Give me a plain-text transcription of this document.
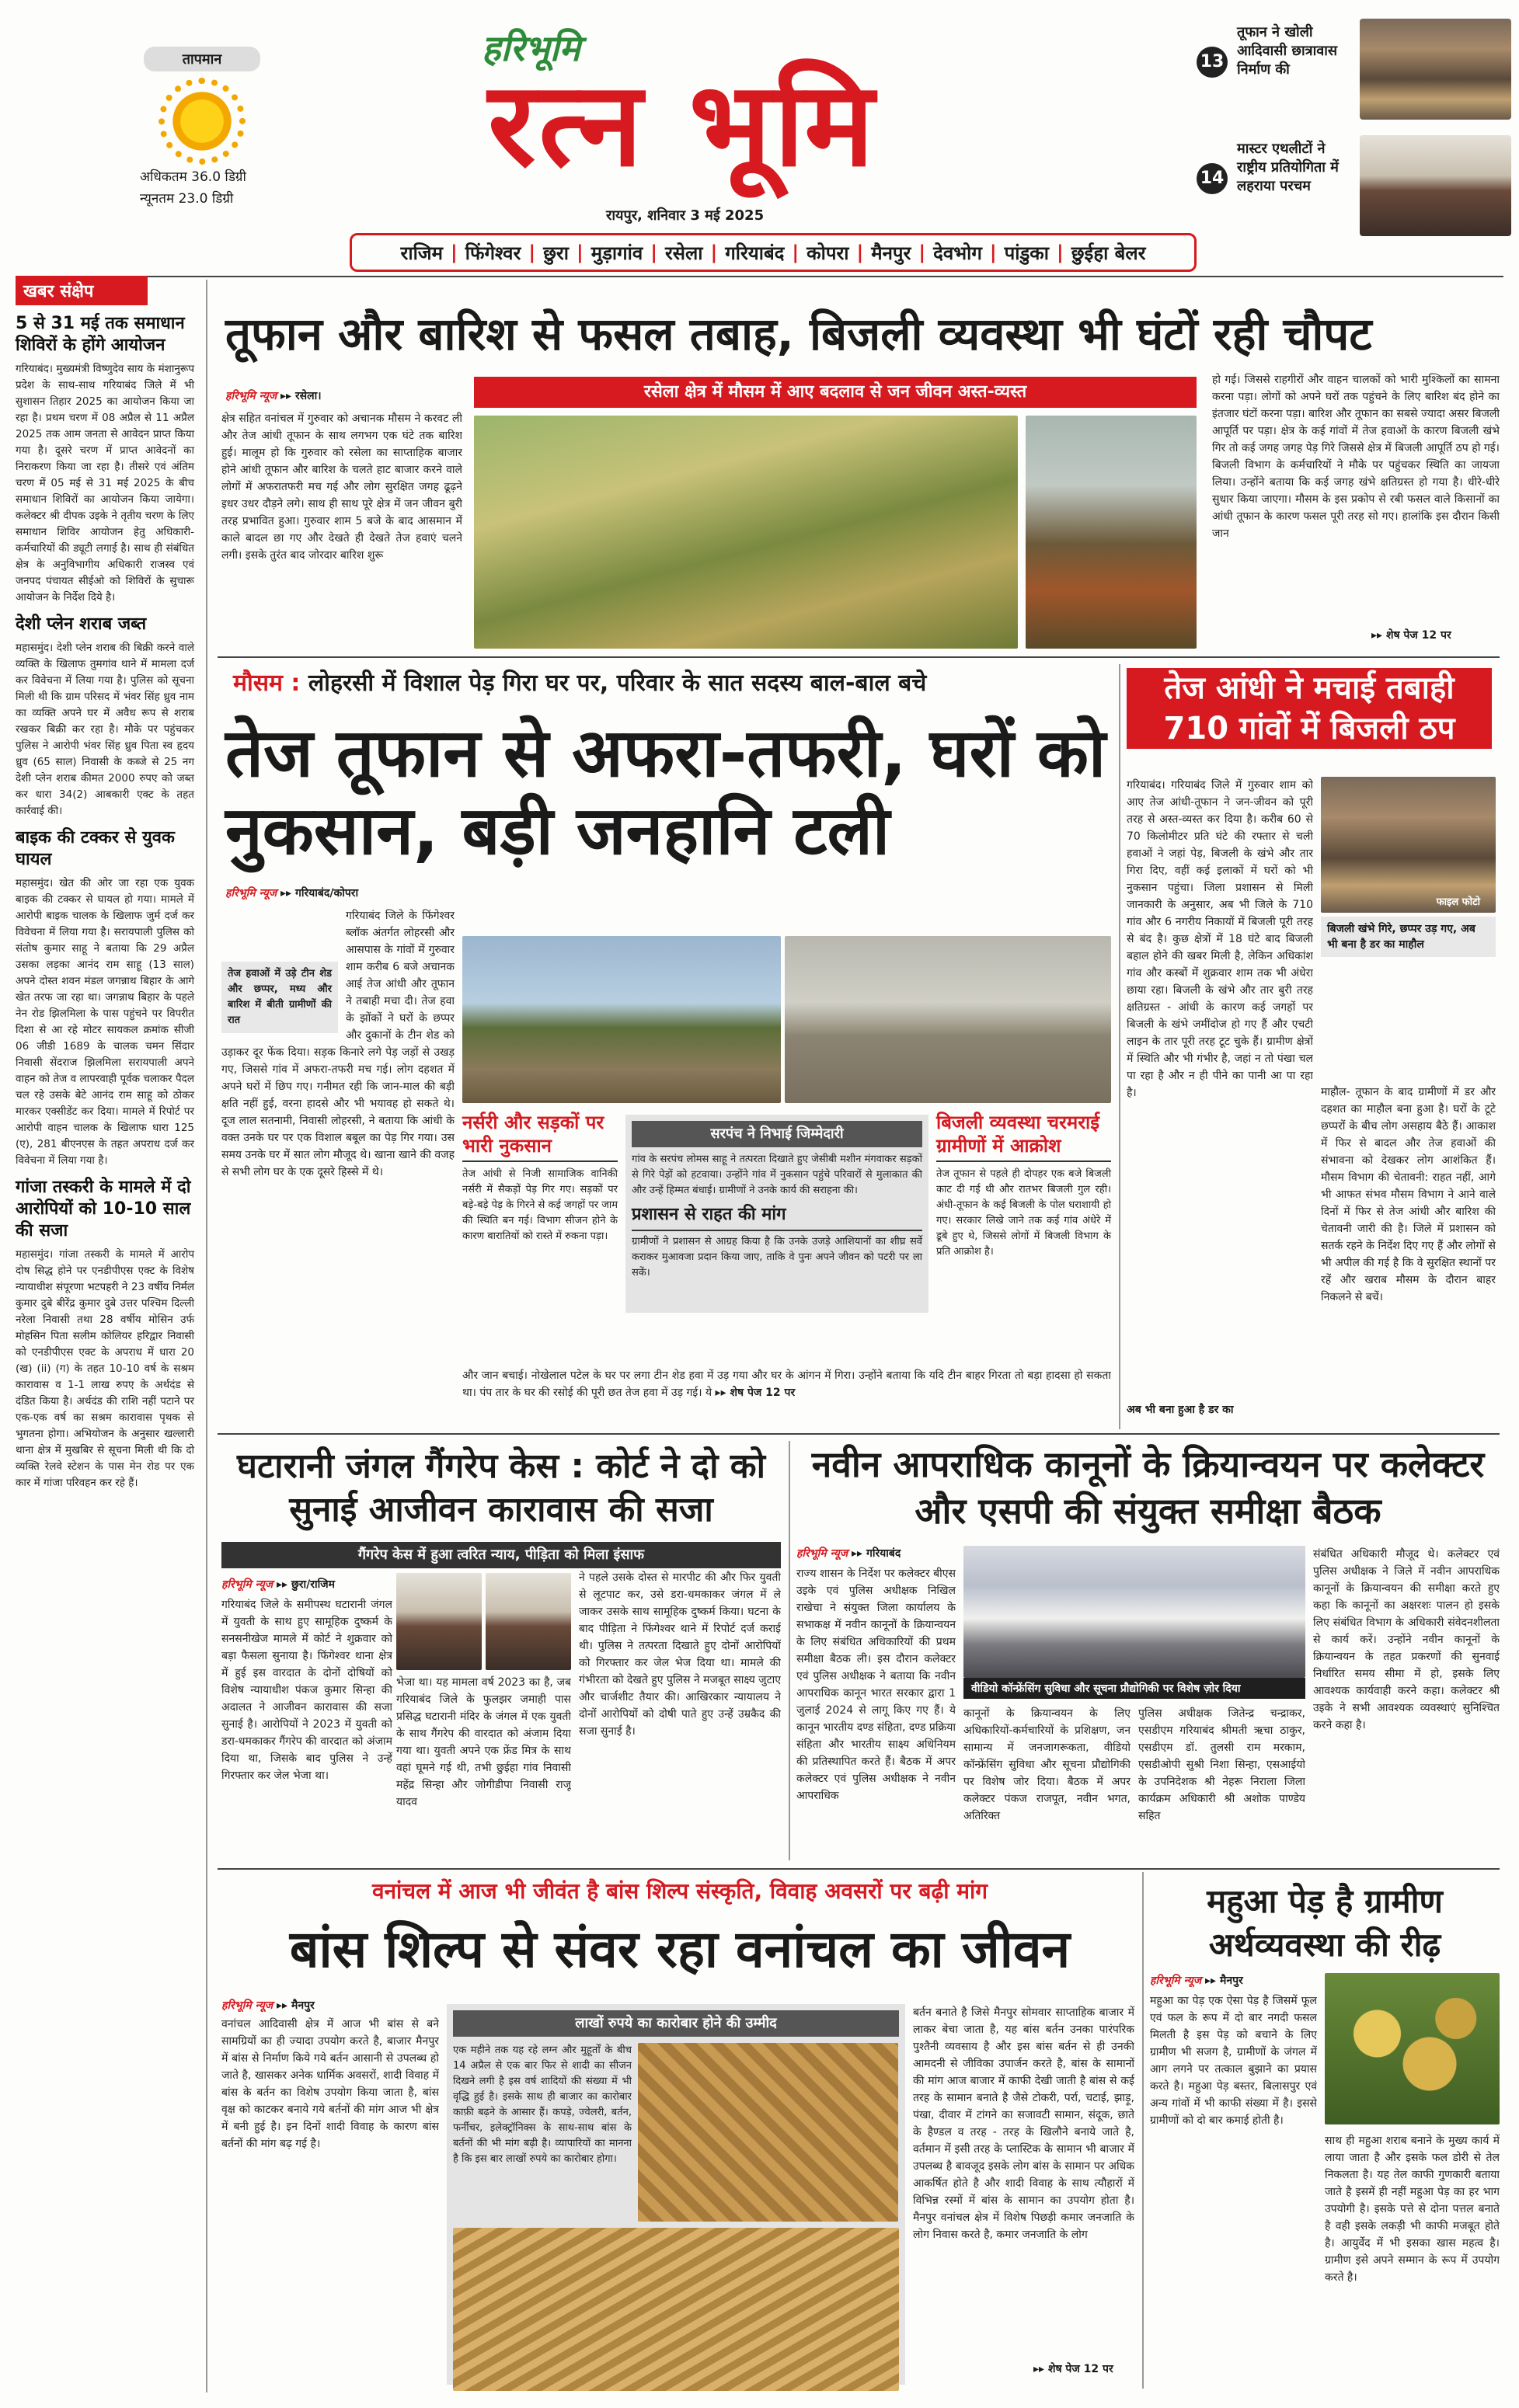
तापमान
अधिकतम 36.0 डिग्री
न्यूनतम 23.0 डिग्री
हरिभूमि
रत्न भूमि
रायपुर, शनिवार 3 मई 2025
राजिम | फिंगेश्वर | छुरा | मुड़ागांव | रसेला | गरियाबंद | कोपरा | मैनपुर | देवभोग | पांडुका | छुईहा बेलर
13
तूफान ने खोली आदिवासी छात्रावास निर्माण की
14
मास्टर एथलीटों ने राष्ट्रीय प्रतियोगिता में लहराया परचम
खबर संक्षेप
5 से 31 मई तक समाधान शिविरों के होंगे आयोजन
गरियाबंद। मुख्यमंत्री विष्णुदेव साय के मंशानुरूप प्रदेश के साथ-साथ गरियाबंद जिले में भी सुशासन तिहार 2025 का आयोजन किया जा रहा है। प्रथम चरण में 08 अप्रैल से 11 अप्रैल 2025 तक आम जनता से आवेदन प्राप्त किया गया है। दूसरे चरण में प्राप्त आवेदनों का निराकरण किया जा रहा है। तीसरे एवं अंतिम चरण में 05 मई से 31 मई 2025 के बीच समाधान शिविरों का आयोजन किया जायेगा। कलेक्टर श्री दीपक उइके ने तृतीय चरण के लिए समाधान शिविर आयोजन हेतु अधिकारी-कर्मचारियों की ड्यूटी लगाई है। साथ ही संबंधित क्षेत्र के अनुविभागीय अधिकारी राजस्व एवं जनपद पंचायत सीईओ को शिविरों के सुचारू आयोजन के निर्देश दिये है।
देशी प्लेन शराब जब्त
महासमुंद। देशी प्लेन शराब की बिक्री करने वाले व्यक्ति के खिलाफ तुमगांव थाने में मामला दर्ज कर विवेचना में लिया गया है। पुलिस को सूचना मिली थी कि ग्राम परिसद में भंवर सिंह ध्रुव नाम का व्यक्ति अपने घर में अवैध रूप से शराब रखकर बिक्री कर रहा है। मौके पर पहुंचकर पुलिस ने आरोपी भंवर सिंह ध्रुव पिता स्व हृदय ध्रुव (65 साल) निवासी के कब्जे से 25 नग देशी प्लेन शराब कीमत 2000 रुपए को जब्त कर धारा 34(2) आबकारी एक्ट के तहत कार्रवाई की।
बाइक की टक्कर से युवक घायल
महासमुंद। खेत की ओर जा रहा एक युवक बाइक की टक्कर से घायल हो गया। मामले में आरोपी बाइक चालक के खिलाफ जुर्म दर्ज कर विवेचना में लिया गया है। सरायपाली पुलिस को संतोष कुमार साहू ने बताया कि 29 अप्रैल उसका लड़का आनंद राम साहू (13 साल) अपने दोस्त शवन मंडल जगन्नाथ बिहार के आगे खेत तरफ जा रहा था। जगन्नाथ बिहार के पहले नेन रोड झिलमिला के पास पहुंचने पर विपरीत दिशा से आ रहे मोटर सायकल क्रमांक सीजी 06 जीडी 1689 के चालक चमन सिंदार निवासी सेंदराज झिलमिला सरायपाली अपने वाहन को तेज व लापरवाही पूर्वक चलाकर पैदल चल रहे उसके बेटे आनंद राम साहू को ठोकर मारकर एक्सीडेंट कर दिया। मामले में रिपोर्ट पर आरोपी वाहन चालक के खिलाफ धारा 125 (ए), 281 बीएनएस के तहत अपराध दर्ज कर विवेचना में लिया गया है।
गांजा तस्करी के मामले में दो आरोपियों को 10-10 साल की सजा
महासमुंद। गांजा तस्करी के मामले में आरोप दोष सिद्ध होने पर एनडीपीएस एक्ट के विशेष न्यायाधीश संपूरणा भटपहरी ने 23 वर्षीय निर्मल कुमार दुबे बीरेंद्र कुमार दुबे उत्तर पश्चिम दिल्ली नरेला निवासी तथा 28 वर्षीय मोसिन उर्फ मोहसिन पिता सलीम कोलियर हरिद्वार निवासी को एनडीपीएस एक्ट के अपराध में धारा 20 (ख) (ii) (ग) के तहत 10-10 वर्ष के सश्रम कारावास व 1-1 लाख रुपए के अर्थदंड से दंडित किया है। अर्थदंड की राशि नहीं पटाने पर एक-एक वर्ष का सश्रम कारावास पृथक से भुगतना होगा। अभियोजन के अनुसार खल्लारी थाना क्षेत्र में मुखबिर से सूचना मिली थी कि दो व्यक्ति रेलवे स्टेशन के पास मेन रोड पर एक कार में गांजा परिवहन कर रहे हैं।
तूफान और बारिश से फसल तबाह, बिजली व्यवस्था भी घंटों रही चौपट
रसेला क्षेत्र में मौसम में आए बदलाव से जन जीवन अस्त-व्यस्त
हरिभूमि न्यूज ▸▸ रसेला।
क्षेत्र सहित वनांचल में गुरुवार को अचानक मौसम ने करवट ली और तेज आंधी तूफान के साथ लगभग एक घंटे तक बारिश हुई। मालूम हो कि गुरुवार को रसेला का साप्ताहिक बाजार होने आंधी तूफान और बारिश के चलते हाट बाजार करने वाले लोगों में अफरातफरी मच गई और लोग सुरक्षित जगह ढूढ़ने इधर उधर दौड़ने लगे। साथ ही साथ पूरे क्षेत्र में जन जीवन बुरी तरह प्रभावित हुआ। गुरुवार शाम 5 बजे के बाद आसमान में काले बादल छा गए और देखते ही देखते तेज हवाएं चलने लगी। इसके तुरंत बाद जोरदार बारिश शुरू
हो गई। जिससे राहगीरों और वाहन चालकों को भारी मुश्किलों का सामना करना पड़ा। लोगों को अपने घरों तक पहुंचने के लिए बारिश बंद होने का इंतजार घंटों करना पड़ा। बारिश और तूफान का सबसे ज्यादा असर बिजली आपूर्ति पर पड़ा। क्षेत्र के कई गांवों में तेज हवाओं के कारण बिजली खंभे गिर तो कई जगह जगह पेड़ गिरे जिससे क्षेत्र में बिजली आपूर्ति ठप हो गई। बिजली विभाग के कर्मचारियों ने मौके पर पहुंचकर स्थिति का जायजा लिया। उन्होंने बताया कि कई जगह खंभे क्षतिग्रस्त हो गया है। धीरे-धीरे सुधार किया जाएगा। मौसम के इस प्रकोप से रबी फसल वाले किसानों का आंधी तूफान के कारण फसल पूरी तरह सो गए। हालांकि इस दौरान किसी जान
▸▸ शेष पेज 12 पर
मौसम : लोहरसी में विशाल पेड़ गिरा घर पर, परिवार के सात सदस्य बाल-बाल बचे
तेज तूफान से अफरा-तफरी, घरों को नुकसान, बड़ी जनहानि टली
हरिभूमि न्यूज ▸▸ गरियाबंद/कोपरा
तेज हवाओं में उड़े टीन शेड और छप्पर, मध्य और बारिश में बीती ग्रामीणों की रात
गरियाबंद जिले के फिंगेश्वर ब्लॉक अंतर्गत लोहरसी और आसपास के गांवों में गुरुवार शाम करीब 6 बजे अचानक आई तेज आंधी और तूफान ने तबाही मचा दी। तेज हवा के झोंकों ने घरों के छप्पर और दुकानों के टीन शेड को उड़ाकर दूर फेंक दिया। सड़क किनारे लगे पेड़ जड़ों से उखड़ गए, जिससे गांव में अफरा-तफरी मच गई। लोग दहशत में अपने घरों में छिप गए। गनीमत रही कि जान-माल की बड़ी क्षति नहीं हुई, वरना हादसे और भी भयावह हो सकते थे। दूज लाल सतनामी, निवासी लोहरसी, ने बताया कि आंधी के वक्त उनके घर पर एक विशाल बबूल का पेड़ गिर गया। उस समय उनके घर में सात लोग मौजूद थे। खाना खाने की वजह से सभी लोग घर के एक दूसरे हिस्से में थे।
नर्सरी और सड़कों पर भारी नुकसान
तेज आंधी से निजी सामाजिक वानिकी नर्सरी में सैकड़ों पेड़ गिर गए। सड़कों पर बड़े-बड़े पेड़ के गिरने से कई जगहों पर जाम की स्थिति बन गई। विभाग सीजन होने के कारण बारातियों को रास्ते में रुकना पड़ा।
सरपंच ने निभाई जिम्मेदारी
गांव के सरपंच लोमस साहू ने तत्परता दिखाते हुए जेसीबी मशीन मंगवाकर सड़कों से गिरे पेड़ों को हटवाया। उन्होंने गांव में नुकसान पहुंचे परिवारों से मुलाकात की और उन्हें हिम्मत बंधाई। ग्रामीणों ने उनके कार्य की सराहना की।
प्रशासन से राहत की मांग
ग्रामीणों ने प्रशासन से आग्रह किया है कि उनके उजड़े आशियानों का शीघ्र सर्वे कराकर मुआवजा प्रदान किया जाए, ताकि वे पुनः अपने जीवन को पटरी पर ला सकें।
बिजली व्यवस्था चरमराई ग्रामीणों में आक्रोश
तेज तूफान से पहले ही दोपहर एक बजे बिजली काट दी गई थी और रातभर बिजली गुल रही। अंधी-तूफान के कई बिजली के पोल धराशायी हो गए। सरकार लिखे जाने तक कई गांव अंधेरे में डूबे हुए थे, जिससे लोगों में बिजली विभाग के प्रति आक्रोश है।
और जान बचाई। नोखेलाल पटेल के घर पर लगा टीन शेड हवा में उड़ गया और घर के आंगन में गिरा। उन्होंने बताया कि यदि टीन बाहर गिरता तो बड़ा हादसा हो सकता था। पंप तार के घर की रसोई की पूरी छत तेज हवा में उड़ गई। ये ▸▸ शेष पेज 12 पर
तेज आंधी ने मचाई तबाही 710 गांवों में बिजली ठप
गरियाबंद। गरियाबंद जिले में गुरुवार शाम को आए तेज आंधी-तूफान ने जन-जीवन को पूरी तरह से अस्त-व्यस्त कर दिया है। करीब 60 से 70 किलोमीटर प्रति घंटे की रफ्तार से चली हवाओं ने जहां पेड़, बिजली के खंभे और तार गिरा दिए, वहीं कई इलाकों में घरों को भी नुकसान पहुंचा। जिला प्रशासन से मिली जानकारी के अनुसार, अब भी जिले के 710 गांव और 6 नगरीय निकायों में बिजली पूरी तरह से बंद है। कुछ क्षेत्रों में 18 घंटे बाद बिजली बहाल होने की खबर मिली है, लेकिन अधिकांश गांव और कस्बों में शुक्रवार शाम तक भी अंधेरा छाया रहा। बिजली के खंभे और तार बुरी तरह क्षतिग्रस्त - आंधी के कारण कई जगहों पर बिजली के खंभे जमींदोज हो गए हैं और एचटी लाइन के तार पूरी तरह टूट चुके हैं। ग्रामीण क्षेत्रों में स्थिति और भी गंभीर है, जहां न तो पंखा चल पा रहा है और न ही पीने का पानी आ पा रहा है।
फाइल फोटो
बिजली खंभे गिरे, छप्पर उड़ गए, अब भी बना है डर का माहौल
माहौल- तूफान के बाद ग्रामीणों में डर और दहशत का माहौल बना हुआ है। घरों के टूटे छप्परों के बीच लोग असहाय बैठे हैं। आकाश में फिर से बादल और तेज हवाओं की संभावना को देखकर लोग आशंकित हैं। मौसम विभाग की चेतावनी: राहत नहीं, आगे भी आफत संभव मौसम विभाग ने आने वाले दिनों में फिर से तेज आंधी और बारिश की चेतावनी जारी की है। जिले में प्रशासन को सतर्क रहने के निर्देश दिए गए हैं और लोगों से भी अपील की गई है कि वे सुरक्षित स्थानों पर रहें और खराब मौसम के दौरान बाहर निकलने से बचें।
अब भी बना हुआ है डर का
घटारानी जंगल गैंगरेप केस : कोर्ट ने दो को सुनाई आजीवन कारावास की सजा
गैंगरेप केस में हुआ त्वरित न्याय, पीड़िता को मिला इंसाफ
हरिभूमि न्यूज ▸▸ छुरा/राजिम
गरियाबंद जिले के समीपस्थ घटारानी जंगल में युवती के साथ हुए सामूहिक दुष्कर्म के सनसनीखेज मामले में कोर्ट ने शुक्रवार को बड़ा फैसला सुनाया है। फिंगेश्वर थाना क्षेत्र में हुई इस वारदात के दोनों दोषियों को विशेष न्यायाधीश पंकज कुमार सिन्हा की अदालत ने आजीवन कारावास की सजा सुनाई है। आरोपियों ने 2023 में युवती को डरा-धमकाकर गैंगरेप की वारदात को अंजाम दिया था, जिसके बाद पुलिस ने उन्हें गिरफ्तार कर जेल भेजा था।
भेजा था। यह मामला वर्ष 2023 का है, जब गरियाबंद जिले के फुलझर जमाही पास प्रसिद्ध घटारानी मंदिर के जंगल में एक युवती के साथ गैंगरेप की वारदात को अंजाम दिया गया था। युवती अपने एक फ्रेंड मित्र के साथ वहां घूमने गई थी, तभी छुईहा गांव निवासी महेंद्र सिन्हा और जोगीडीपा निवासी राजू यादव
ने पहले उसके दोस्त से मारपीट की और फिर युवती से लूटपाट कर, उसे डरा-धमकाकर जंगल में ले जाकर उसके साथ सामूहिक दुष्कर्म किया। घटना के बाद पीड़िता ने फिंगेश्वर थाने में रिपोर्ट दर्ज कराई थी। पुलिस ने तत्परता दिखाते हुए दोनों आरोपियों को गिरफ्तार कर जेल भेज दिया था। मामले की गंभीरता को देखते हुए पुलिस ने मजबूत साक्ष्य जुटाए और चार्जशीट तैयार की। आखिरकार न्यायालय ने दोनों आरोपियों को दोषी पाते हुए उन्हें उम्रकैद की सजा सुनाई है।
नवीन आपराधिक कानूनों के क्रियान्वयन पर कलेक्टर और एसपी की संयुक्त समीक्षा बैठक
हरिभूमि न्यूज ▸▸ गरियाबंद
राज्य शासन के निर्देश पर कलेक्टर बीएस उइके एवं पुलिस अधीक्षक निखिल राखेचा ने संयुक्त जिला कार्यालय के सभाकक्ष में नवीन कानूनों के क्रियान्वयन के लिए संबंधित अधिकारियों की प्रथम समीक्षा बैठक ली। इस दौरान कलेक्टर एवं पुलिस अधीक्षक ने बताया कि नवीन आपराधिक कानून भारत सरकार द्वारा 1 जुलाई 2024 से लागू किए गए हैं। ये कानून भारतीय दण्ड संहिता, दण्ड प्रक्रिया संहिता और भारतीय साक्ष्य अधिनियम की प्रतिस्थापित करते हैं। बैठक में अपर कलेक्टर एवं पुलिस अधीक्षक ने नवीन आपराधिक
वीडियो कॉन्फ्रेंसिंग सुविधा और सूचना प्रौद्योगिकी पर विशेष ज़ोर दिया
कानूनों के क्रियान्वयन के लिए अधिकारियों-कर्मचारियों के प्रशिक्षण, जन सामान्य में जनजागरूकता, वीडियो कॉन्फ्रेंसिंग सुविधा और सूचना प्रौद्योगिकी पर विशेष जोर दिया। बैठक में अपर कलेक्टर पंकज राजपूत, नवीन भगत, अतिरिक्त
पुलिस अधीक्षक जितेन्द्र चन्द्राकर, एसडीएम गरियाबंद श्रीमती ऋचा ठाकुर, एसडीएम डॉ. तुलसी राम मरकाम, एसडीओपी सुश्री निशा सिन्हा, एसआईयो के उपनिदेशक श्री नेहरू निराला जिला कार्यक्रम अधिकारी श्री अशोक पाण्डेय सहित
संबंधित अधिकारी मौजूद थे। कलेक्टर एवं पुलिस अधीक्षक ने जिले में नवीन आपराधिक कानूनों के क्रियान्वयन की समीक्षा करते हुए कहा कि कानूनों का अक्षरशः पालन हो इसके लिए संबंधित विभाग के अधिकारी संवेदनशीलता से कार्य करें। उन्होंने नवीन कानूनों के क्रियान्वयन के तहत प्रकरणों की सुनवाई निर्धारित समय सीमा में हो, इसके लिए आवश्यक कार्यवाही करने कहा। कलेक्टर श्री उइके ने सभी आवश्यक व्यवस्थाएं सुनिश्चित करने कहा है।
वनांचल में आज भी जीवंत है बांस शिल्प संस्कृति, विवाह अवसरों पर बढ़ी मांग
बांस शिल्प से संवर रहा वनांचल का जीवन
हरिभूमि न्यूज ▸▸ मैनपुर
वनांचल आदिवासी क्षेत्र में आज भी बांस से बने सामग्रियों का ही ज्यादा उपयोग करते है, बाजार मैनपुर में बांस से निर्माण किये गये बर्तन आसानी से उपलब्ध हो जाते है, खासकर अनेक धार्मिक अवसरों, शादी विवाह में बांस के बर्तन का विशेष उपयोग किया जाता है, बांस वृक्ष को काटकर बनाये गये बर्तनों की मांग आज भी क्षेत्र में बनी हुई है। इन दिनों शादी विवाह के कारण बांस बर्तनों की मांग बढ़ गई है।
लाखों रुपये का कारोबार होने की उम्मीद
एक महीने तक यह रहे लग्न और मुहूर्तों के बीच 14 अप्रैल से एक बार फिर से शादी का सीजन दिखने लगी है इस वर्ष शादियों की संख्या में भी वृद्धि हुई है। इसके साथ ही बाजार का कारोबार काफ़ी बढ़ने के आसार हैं। कपड़े, ज्वेलरी, बर्तन, फर्नीचर, इलेक्ट्रॉनिक्स के साथ-साथ बांस के बर्तनों की भी मांग बढ़ी है। व्यापारियों का मानना है कि इस बार लाखों रुपये का कारोबार होगा।
बर्तन बनाते है जिसे मैनपुर सोमवार साप्ताहिक बाजार में लाकर बेचा जाता है, यह बांस बर्तन उनका पारंपरिक पुश्तैनी व्यवसाय है और इस बांस बर्तन से ही उनकी आमदनी से जीविका उपार्जन करते है, बांस के सामानों की मांग आज बाजार में काफी देखी जाती है बांस से कई तरह के सामान बनाते है जैसे टोकरी, पर्रा, चटाई, झाड़ू, पंखा, दीवार में टांगने का सजावटी सामान, संदूक, छाते के हैण्डल व तरह - तरह के खिलौने बनाये जाते है, वर्तमान में इसी तरह के प्लास्टिक के सामान भी बाजार में उपलब्ध है बावजूद इसके लोग बांस के सामान पर अधिक आकर्षित होते है और शादी विवाह के साथ त्यौहारों में विभिन्न रस्मों में बांस के सामान का उपयोग होता है। मैनपुर वनांचल क्षेत्र में विशेष पिछड़ी कमार जनजाति के लोग निवास करते है, कमार जनजाति के लोग
▸▸ शेष पेज 12 पर
महुआ पेड़ है ग्रामीण अर्थव्यवस्था की रीढ़
हरिभूमि न्यूज ▸▸ मैनपुर
महुआ का पेड़ एक ऐसा पेड़ है जिसमें फूल एवं फल के रूप में दो बार नगदी फसल मिलती है इस पेड़ को बचाने के लिए ग्रामीण भी सजग है, ग्रामीणों के जंगल में आग लगने पर तत्काल बुझाने का प्रयास करते है। महुआ पेड़ बस्तर, बिलासपुर एवं अन्य गांवों में भी काफी संख्या में है। इससे ग्रामीणों को दो बार कमाई होती है।
साथ ही महुआ शराब बनाने के मुख्य कार्य में लाया जाता है और इसके फल डोरी से तेल निकलता है। यह तेल काफी गुणकारी बताया जाते है इसमें ही नहीं महुआ पेड़ का हर भाग उपयोगी है। इसके पत्ते से दोना पत्तल बनाते है वही इसके लकड़ी भी काफी मजबूत होते है। आयुर्वेद में भी इसका खास महत्व है। ग्रामीण इसे अपने सम्मान के रूप में उपयोग करते है।
